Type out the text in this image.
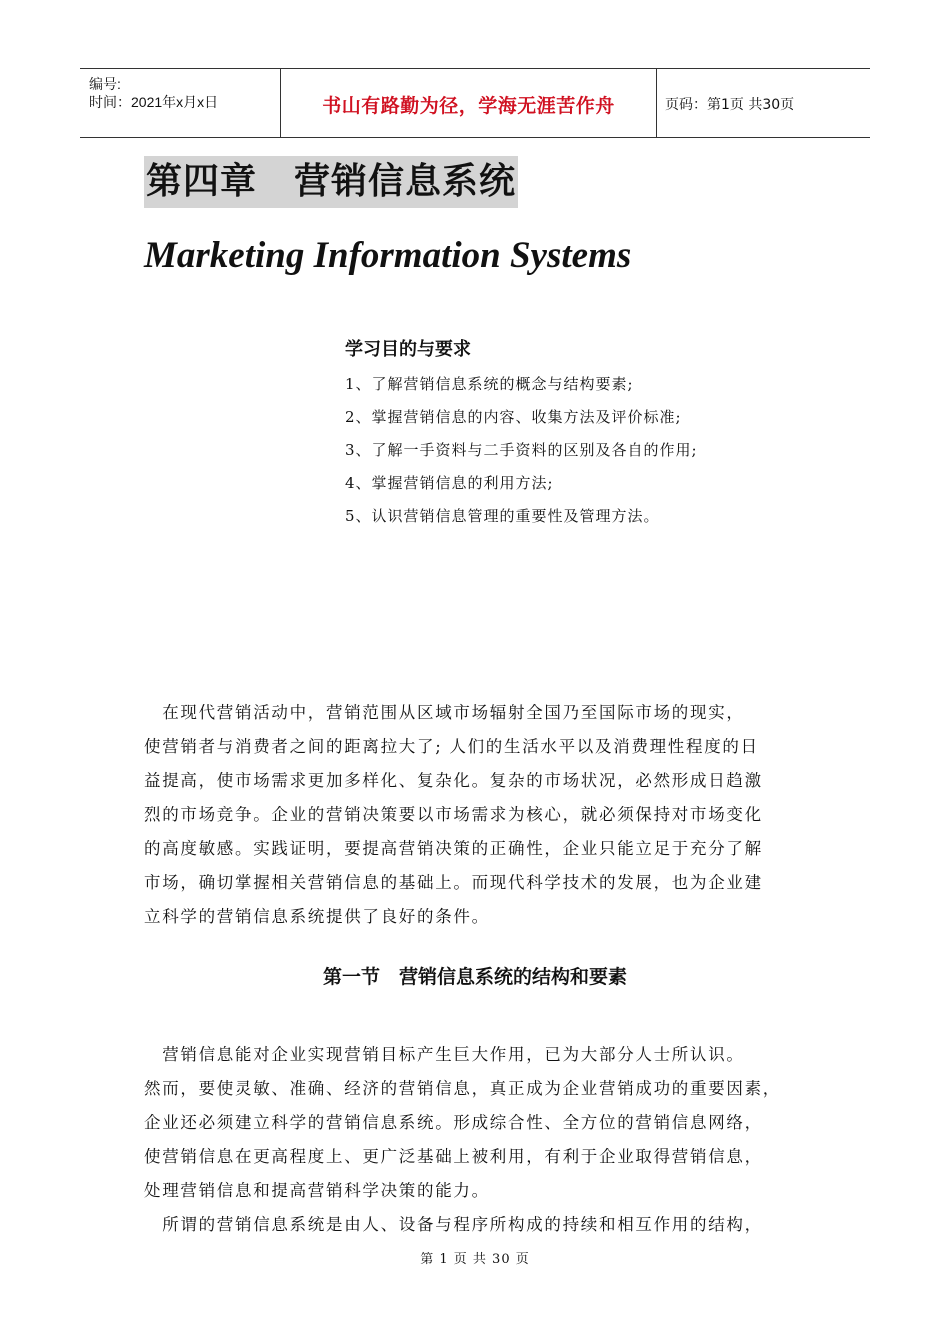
编号:
时间：2021年x月x日	书山有路勤为径，学海无涯苦作舟	页码：第1页 共30页
第四章　营销信息系统
Marketing Information Systems
学习目的与要求
1、了解营销信息系统的概念与结构要素;
2、掌握营销信息的内容、收集方法及评价标准;
3、了解一手资料与二手资料的区别及各自的作用;
4、掌握营销信息的利用方法;
5、认识营销信息管理的重要性及管理方法。
　在现代营销活动中，营销范围从区域市场辐射全国乃至国际市场的现实，
使营销者与消费者之间的距离拉大了; 人们的生活水平以及消费理性程度的日
益提高，使市场需求更加多样化、复杂化。复杂的市场状况，必然形成日趋激
烈的市场竞争。企业的营销决策要以市场需求为核心，就必须保持对市场变化
的高度敏感。实践证明，要提高营销决策的正确性，企业只能立足于充分了解
市场，确切掌握相关营销信息的基础上。而现代科学技术的发展，也为企业建
立科学的营销信息系统提供了良好的条件。
第一节　营销信息系统的结构和要素
　营销信息能对企业实现营销目标产生巨大作用，已为大部分人士所认识。
然而，要使灵敏、准确、经济的营销信息，真正成为企业营销成功的重要因素，
企业还必须建立科学的营销信息系统。形成综合性、全方位的营销信息网络，
使营销信息在更高程度上、更广泛基础上被利用，有利于企业取得营销信息，
处理营销信息和提高营销科学决策的能力。
　所谓的营销信息系统是由人、设备与程序所构成的持续和相互作用的结构，
第 1 页 共 30 页
